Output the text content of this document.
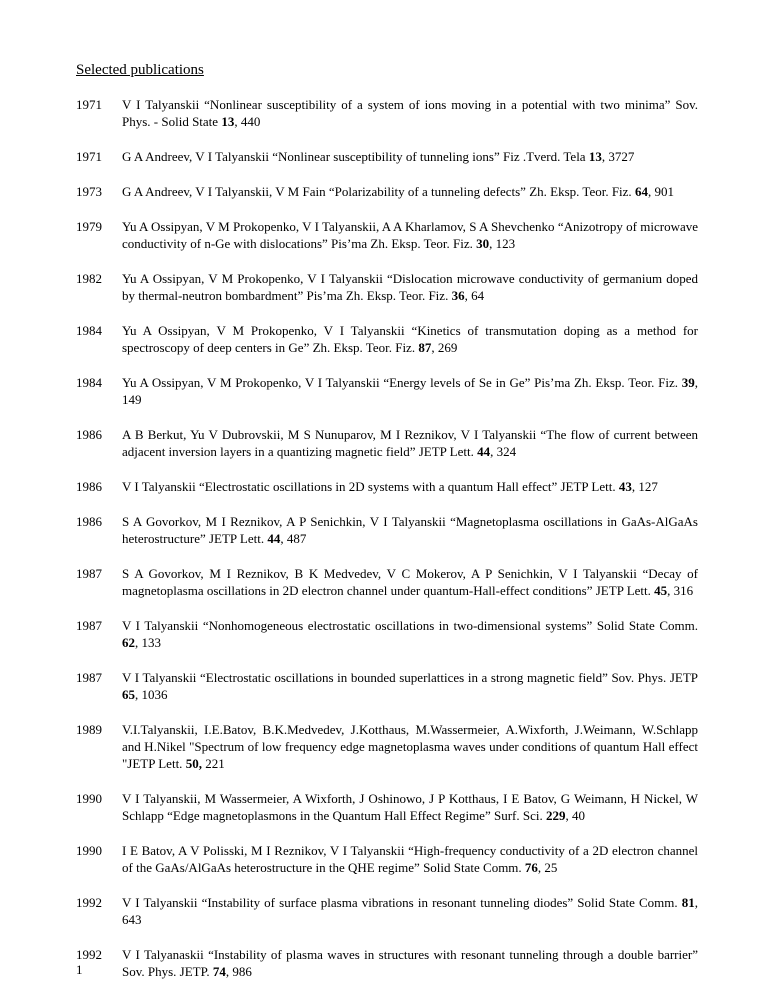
Selected publications
1971	V I Talyanskii “Nonlinear susceptibility of a system of ions moving in a potential with two minima” Sov. Phys. - Solid State 13, 440
1971	G A Andreev, V I Talyanskii “Nonlinear susceptibility of tunneling ions” Fiz .Tverd. Tela 13, 3727
1973	G A Andreev, V I Talyanskii, V M Fain “Polarizability of a tunneling defects” Zh. Eksp. Teor. Fiz. 64, 901
1979	Yu A Ossipyan, V M Prokopenko, V I Talyanskii, A A Kharlamov, S A Shevchenko “Anizotropy of microwave conductivity of n-Ge with dislocations” Pis’ma Zh. Eksp. Teor. Fiz. 30, 123
1982	Yu A Ossipyan, V M Prokopenko, V I Talyanskii “Dislocation microwave conductivity of germanium doped by thermal-neutron bombardment” Pis’ma Zh. Eksp. Teor. Fiz. 36, 64
1984	Yu A Ossipyan, V M Prokopenko, V I Talyanskii “Kinetics of transmutation doping as a method for spectroscopy of deep centers in Ge” Zh. Eksp. Teor. Fiz. 87, 269
1984	Yu A Ossipyan, V M Prokopenko, V I Talyanskii “Energy levels of Se in Ge” Pis’ma Zh. Eksp. Teor. Fiz. 39, 149
1986	A B Berkut, Yu V Dubrovskii, M S Nunuparov, M I Reznikov, V I Talyanskii “The flow of current between adjacent inversion layers in a quantizing magnetic field” JETP Lett. 44, 324
1986	V I Talyanskii “Electrostatic oscillations in 2D systems with a quantum Hall effect” JETP Lett. 43, 127
1986	S A Govorkov, M I Reznikov, A P Senichkin, V I Talyanskii “Magnetoplasma oscillations in GaAs-AlGaAs heterostructure” JETP Lett. 44, 487
1987	S A Govorkov, M I Reznikov, B K Medvedev, V C Mokerov, A P Senichkin, V I Talyanskii “Decay of magnetoplasma oscillations in 2D electron channel under quantum-Hall-effect conditions” JETP Lett. 45, 316
1987	V I Talyanskii “Nonhomogeneous electrostatic oscillations in two-dimensional systems” Solid State Comm. 62, 133
1987	V I Talyanskii “Electrostatic oscillations in bounded superlattices in a strong magnetic field” Sov. Phys. JETP 65, 1036
1989	V.I.Talyanskii, I.E.Batov, B.K.Medvedev, J.Kotthaus, M.Wassermeier, A.Wixforth, J.Weimann, W.Schlapp and H.Nikel "Spectrum of low frequency edge magnetoplasma waves under conditions of quantum Hall effect "JETP Lett. 50, 221
1990	V I Talyanskii, M Wassermeier, A Wixforth, J Oshinowo, J P Kotthaus, I E Batov, G Weimann, H Nickel, W Schlapp “Edge magnetoplasmons in the Quantum Hall Effect Regime” Surf. Sci. 229, 40
1990	I E Batov, A V Polisski, M I Reznikov, V I Talyanskii “High-frequency conductivity of a 2D electron channel of the GaAs/AlGaAs heterostructure in the QHE regime” Solid State Comm. 76, 25
1992	V I Talyanskii “Instability of surface plasma vibrations in resonant tunneling diodes” Solid State Comm. 81, 643
1992	V I Talyanaskii “Instability of plasma waves in structures with resonant tunneling through a double barrier” Sov. Phys. JETP. 74, 986
1
